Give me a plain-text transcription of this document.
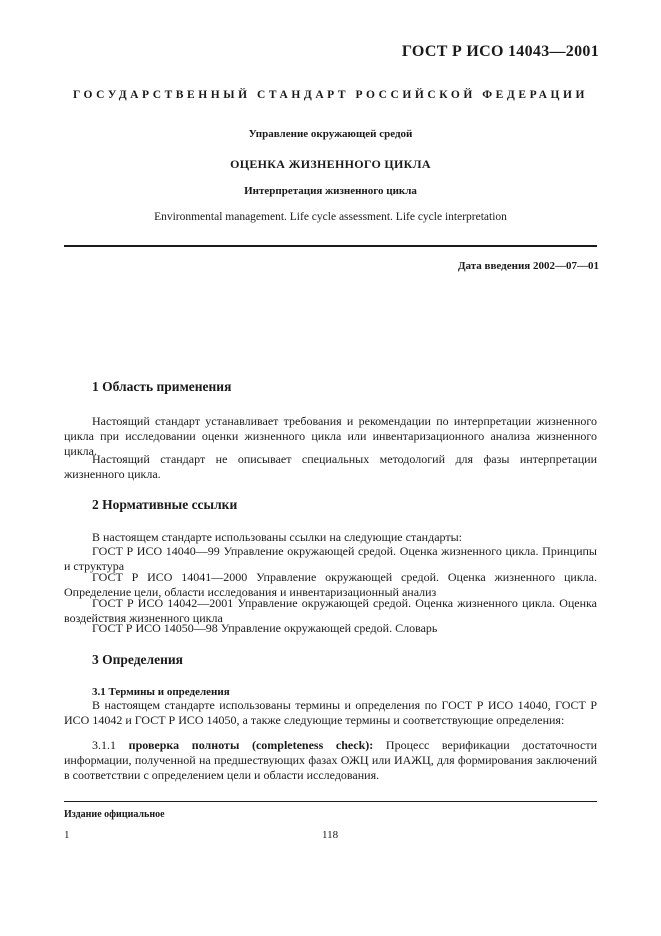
ГОСТ Р ИСО 14043—2001
ГОСУДАРСТВЕННЫЙ СТАНДАРТ РОССИЙСКОЙ ФЕДЕРАЦИИ
Управление окружающей средой
ОЦЕНКА ЖИЗНЕННОГО ЦИКЛА
Интерпретация жизненного цикла
Environmental management. Life cycle assessment. Life cycle interpretation
Дата введения 2002—07—01
1 Область применения

Настоящий стандарт устанавливает требования и рекомендации по интерпретации жизненного цикла при исследовании оценки жизненного цикла или инвентаризационного анализа жизненного цикла.

Настоящий стандарт не описывает специальных методологий для фазы интерпретации жизненного цикла.

2 Нормативные ссылки

В настоящем стандарте использованы ссылки на следующие стандарты:

ГОСТ Р ИСО 14040—99 Управление окружающей средой. Оценка жизненного цикла. Принципы и структура

ГОСТ Р ИСО 14041—2000 Управление окружающей средой. Оценка жизненного цикла. Определение цели, области исследования и инвентаризационный анализ

ГОСТ Р ИСО 14042—2001 Управление окружающей средой. Оценка жизненного цикла. Оценка воздействия жизненного цикла

ГОСТ Р ИСО 14050—98 Управление окружающей средой. Словарь

3 Определения
3.1 Термины и определения

В настоящем стандарте использованы термины и определения по ГОСТ Р ИСО 14040, ГОСТ Р ИСО 14042 и ГОСТ Р ИСО 14050, а также следующие термины и соответствующие определения:

3.1.1 проверка полноты (completeness check): Процесс верификации достаточности информации, полученной на предшествующих фазах ОЖЦ или ИАЖЦ, для формирования заключений в соответствии с определением цели и области исследования.

Издание официальное
1	118
